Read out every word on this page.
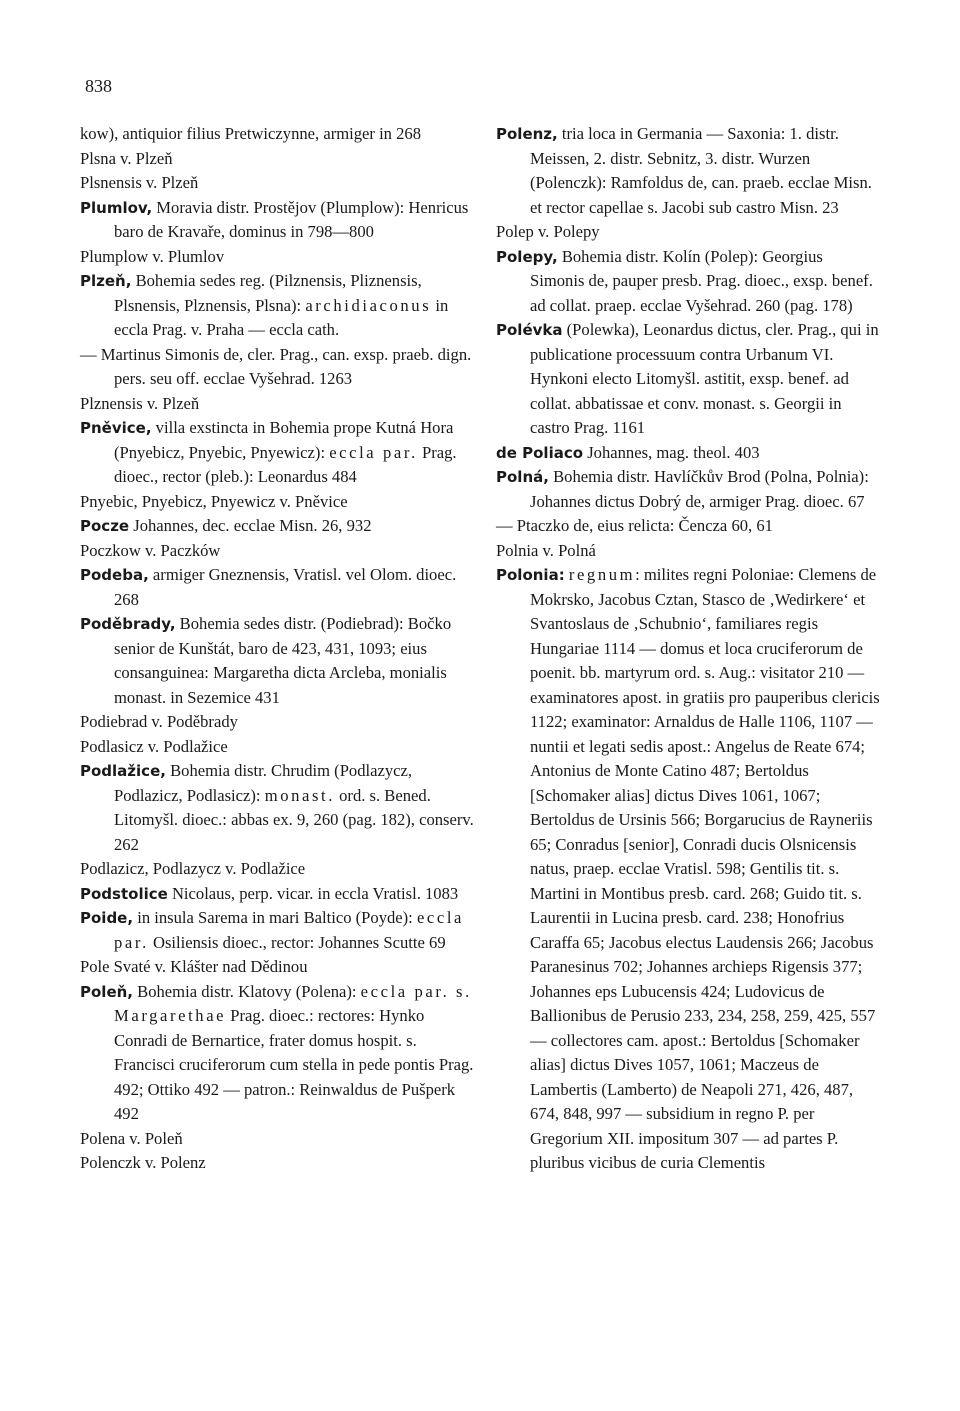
838

kow), antiquior filius Pretwiczynne, armiger in 268

Plsna v. Plzeň

Plsnensis v. Plzeň

Plumlov, Moravia distr. Prostějov (Plumplow): Henricus baro de Kravaře, dominus in 798—800

Plumplow v. Plumlov

Plzeň, Bohemia sedes reg. (Pilznensis, Pliznensis, Plsnensis, Plznensis, Plsna): archidiaconus in eccla Prag. v. Praha — eccla cath.

— Martinus Simonis de, cler. Prag., can. exsp. praeb. dign. pers. seu off. ecclae Vyšehrad. 1263

Plznensis v. Plzeň

Pněvice, villa exstincta in Bohemia prope Kutná Hora (Pnyebicz, Pnyebic, Pnyewicz): eccla par. Prag. dioec., rector (pleb.): Leonardus 484

Pnyebic, Pnyebicz, Pnyewicz v. Pněvice

Pocze Johannes, dec. ecclae Misn. 26, 932

Poczkow v. Paczków

Podeba, armiger Gneznensis, Vratisl. vel Olom. dioec. 268

Poděbrady, Bohemia sedes distr. (Podiebrad): Bočko senior de Kunštát, baro de 423, 431, 1093; eius consanguinea: Margaretha dicta Arcleba, monialis monast. in Sezemice 431

Podiebrad v. Poděbrady

Podlasicz v. Podlažice

Podlažice, Bohemia distr. Chrudim (Podlazycz, Podlazicz, Podlasicz): monast. ord. s. Bened. Litomyšl. dioec.: abbas ex. 9, 260 (pag. 182), conserv. 262

Podlazicz, Podlazycz v. Podlažice

Podstolice Nicolaus, perp. vicar. in eccla Vratisl. 1083

Poide, in insula Sarema in mari Baltico (Poyde): eccla par. Osiliensis dioec., rector: Johannes Scutte 69

Pole Svaté v. Klášter nad Dědinou

Poleň, Bohemia distr. Klatovy (Polena): eccla par. s. Margarethae Prag. dioec.: rectores: Hynko Conradi de Bernartice, frater domus hospit. s. Francisci cruciferorum cum stella in pede pontis Prag. 492; Ottiko 492 — patron.: Reinwaldus de Pušperk 492

Polena v. Poleň

Polenczk v. Polenz

Polenz, tria loca in Germania — Saxonia: 1. distr. Meissen, 2. distr. Sebnitz, 3. distr. Wurzen (Polenczk): Ramfoldus de, can. praeb. ecclae Misn. et rector capellae s. Jacobi sub castro Misn. 23

Polep v. Polepy

Polepy, Bohemia distr. Kolín (Polep): Georgius Simonis de, pauper presb. Prag. dioec., exsp. benef. ad collat. praep. ecclae Vyšehrad. 260 (pag. 178)

Polévka (Polewka), Leonardus dictus, cler. Prag., qui in publicatione processuum contra Urbanum VI. Hynkoni electo Litomyšl. astitit, exsp. benef. ad collat. abbatissae et conv. monast. s. Georgii in castro Prag. 1161

de Poliaco Johannes, mag. theol. 403

Polná, Bohemia distr. Havlíčkův Brod (Polna, Polnia): Johannes dictus Dobrý de, armiger Prag. dioec. 67

— Ptaczko de, eius relicta: Čencza 60, 61

Polnia v. Polná

Polonia: regnum: milites regni Poloniae: Clemens de Mokrsko, Jacobus Cztan, Stasco de ‚Wedirkere‘ et Svantoslaus de ‚Schubnio‘, familiares regis Hungariae 1114 — domus et loca cruciferorum de poenit. bb. martyrum ord. s. Aug.: visitator 210 — examinatores apost. in gratiis pro pauperibus clericis 1122; examinator: Arnaldus de Halle 1106, 1107 — nuntii et legati sedis apost.: Angelus de Reate 674; Antonius de Monte Catino 487; Bertoldus [Schomaker alias] dictus Dives 1061, 1067; Bertoldus de Ursinis 566; Borgarucius de Rayneriis 65; Conradus [senior], Conradi ducis Olsnicensis natus, praep. ecclae Vratisl. 598; Gentilis tit. s. Martini in Montibus presb. card. 268; Guido tit. s. Laurentii in Lucina presb. card. 238; Honofrius Caraffa 65; Jacobus electus Laudensis 266; Jacobus Paranesinus 702; Johannes archieps Rigensis 377; Johannes eps Lubucensis 424; Ludovicus de Ballionibus de Perusio 233, 234, 258, 259, 425, 557 — collectores cam. apost.: Bertoldus [Schomaker alias] dictus Dives 1057, 1061; Maczeus de Lambertis (Lamberto) de Neapoli 271, 426, 487, 674, 848, 997 — subsidium in regno P. per Gregorium XII. impositum 307 — ad partes P. pluribus vicibus de curia Clementis
